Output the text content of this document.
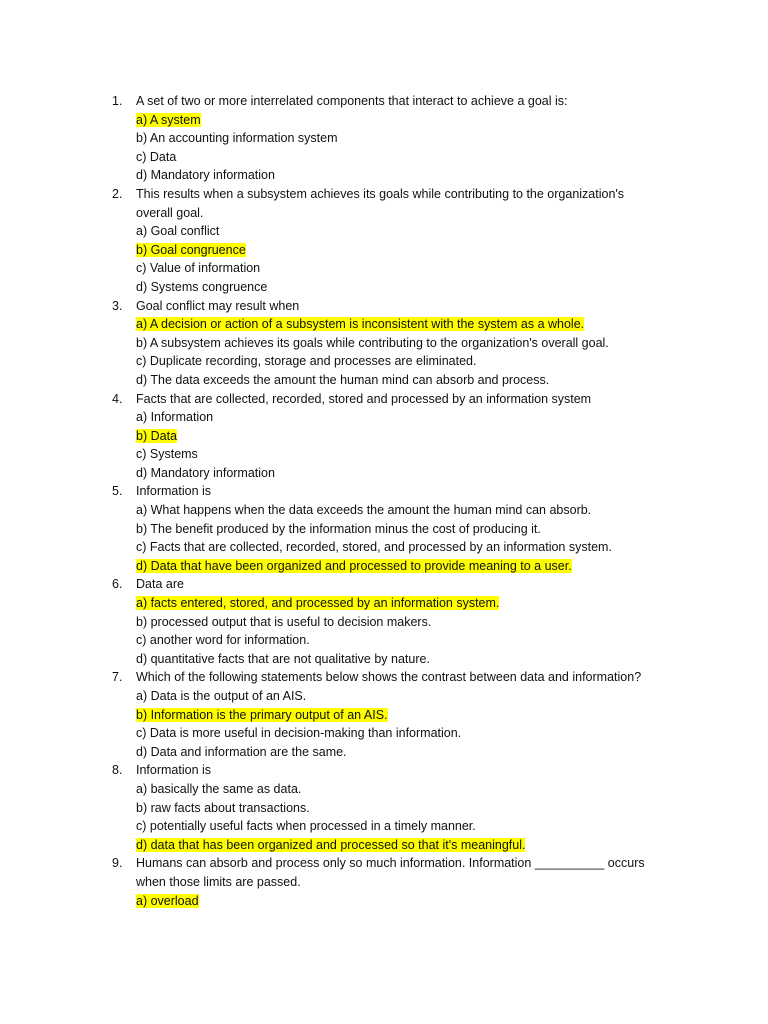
1.	A set of two or more interrelated components that interact to achieve a goal is:
a) A system
b) An accounting information system
c) Data
d) Mandatory information
2.	This results when a subsystem achieves its goals while contributing to the organization's overall goal.
a) Goal conflict
b) Goal congruence
c) Value of information
d) Systems congruence
3.	Goal conflict may result when
a) A decision or action of a subsystem is inconsistent with the system as a whole.
b) A subsystem achieves its goals while contributing to the organization's overall goal.
c) Duplicate recording, storage and processes are eliminated.
d) The data exceeds the amount the human mind can absorb and process.
4.	Facts that are collected, recorded, stored and processed by an information system
a) Information
b) Data
c) Systems
d) Mandatory information
5.	Information is
a) What happens when the data exceeds the amount the human mind can absorb.
b) The benefit produced by the information minus the cost of producing it.
c) Facts that are collected, recorded, stored, and processed by an information system.
d) Data that have been organized and processed to provide meaning to a user.
6.	Data are
a) facts entered, stored, and processed by an information system.
b) processed output that is useful to decision makers.
c) another word for information.
d) quantitative facts that are not qualitative by nature.
7.	Which of the following statements below shows the contrast between data and information?
a) Data is the output of an AIS.
b) Information is the primary output of an AIS.
c) Data is more useful in decision-making than information.
d) Data and information are the same.
8.	Information is
a) basically the same as data.
b) raw facts about transactions.
c) potentially useful facts when processed in a timely manner.
d) data that has been organized and processed so that it's meaningful.
9.	Humans can absorb and process only so much information. Information __________ occurs when those limits are passed.
a) overload
